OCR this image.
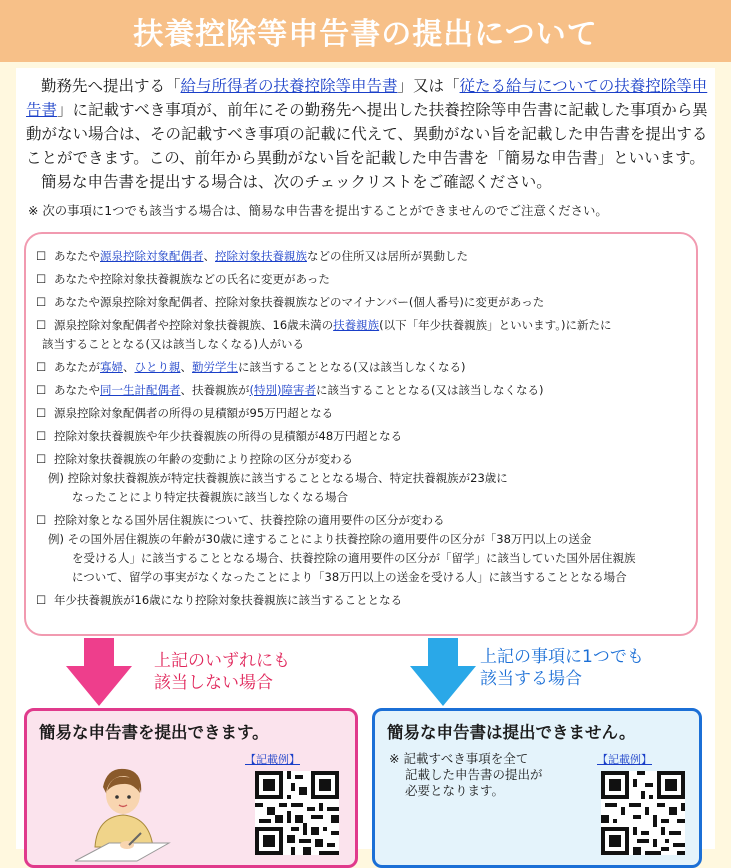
扶養控除等申告書の提出について

勤務先へ提出する「給与所得者の扶養控除等申告書」又は「従たる給与についての扶養控除等申
告書」に記載すべき事項が、前年にその勤務先へ提出した扶養控除等申告書に記載した事項から異動がない場合は、その記載すべき事項の記載に代えて、異動がない旨を記載した申告書を提出することができます。この、前年から異動がない旨を記載した申告書を「簡易な申告書」といいます。

簡易な申告書を提出する場合は、次のチェックリストをご確認ください。

※ 次の事項に1つでも該当する場合は、簡易な申告書を提出することができませんのでご注意ください。
☐ あなたや源泉控除対象配偶者、控除対象扶養親族などの住所又は居所が異動した
☐ あなたや控除対象扶養親族などの氏名に変更があった
☐ あなたや源泉控除対象配偶者、控除対象扶養親族などのマイナンバー(個人番号)に変更があった
☐ 源泉控除対象配偶者や控除対象扶養親族、16歳未満の扶養親族(以下「年少扶養親族」といいます。)に新たに
該当することとなる(又は該当しなくなる)人がいる
☐ あなたが寡婦、ひとり親、勤労学生に該当することとなる(又は該当しなくなる)
☐ あなたや同一生計配偶者、扶養親族が(特別)障害者に該当することとなる(又は該当しなくなる)
☐ 源泉控除対象配偶者の所得の見積額が95万円超となる
☐ 控除対象扶養親族や年少扶養親族の所得の見積額が48万円超となる
☐ 控除対象扶養親族の年齢の変動により控除の区分が変わる
例) 控除対象扶養親族が特定扶養親族に該当することとなる場合、特定扶養親族が23歳に
なったことにより特定扶養親族に該当しなくなる場合
☐ 控除対象となる国外居住親族について、扶養控除の適用要件の区分が変わる
例) その国外居住親族の年齢が30歳に達することにより扶養控除の適用要件の区分が「38万円以上の送金
を受ける人」に該当することとなる場合、扶養控除の適用要件の区分が「留学」に該当していた国外居住親族
について、留学の事実がなくなったことにより「38万円以上の送金を受ける人」に該当することとなる場合
☐ 年少扶養親族が16歳になり控除対象扶養親族に該当することとなる
上記のいずれにも
該当しない場合
上記の事項に1つでも
該当する場合
簡易な申告書を提出できます。
【記載例】
簡易な申告書は提出できません。
※ 記載すべき事項を全て
記載した申告書の提出が
必要となります。
【記載例】
